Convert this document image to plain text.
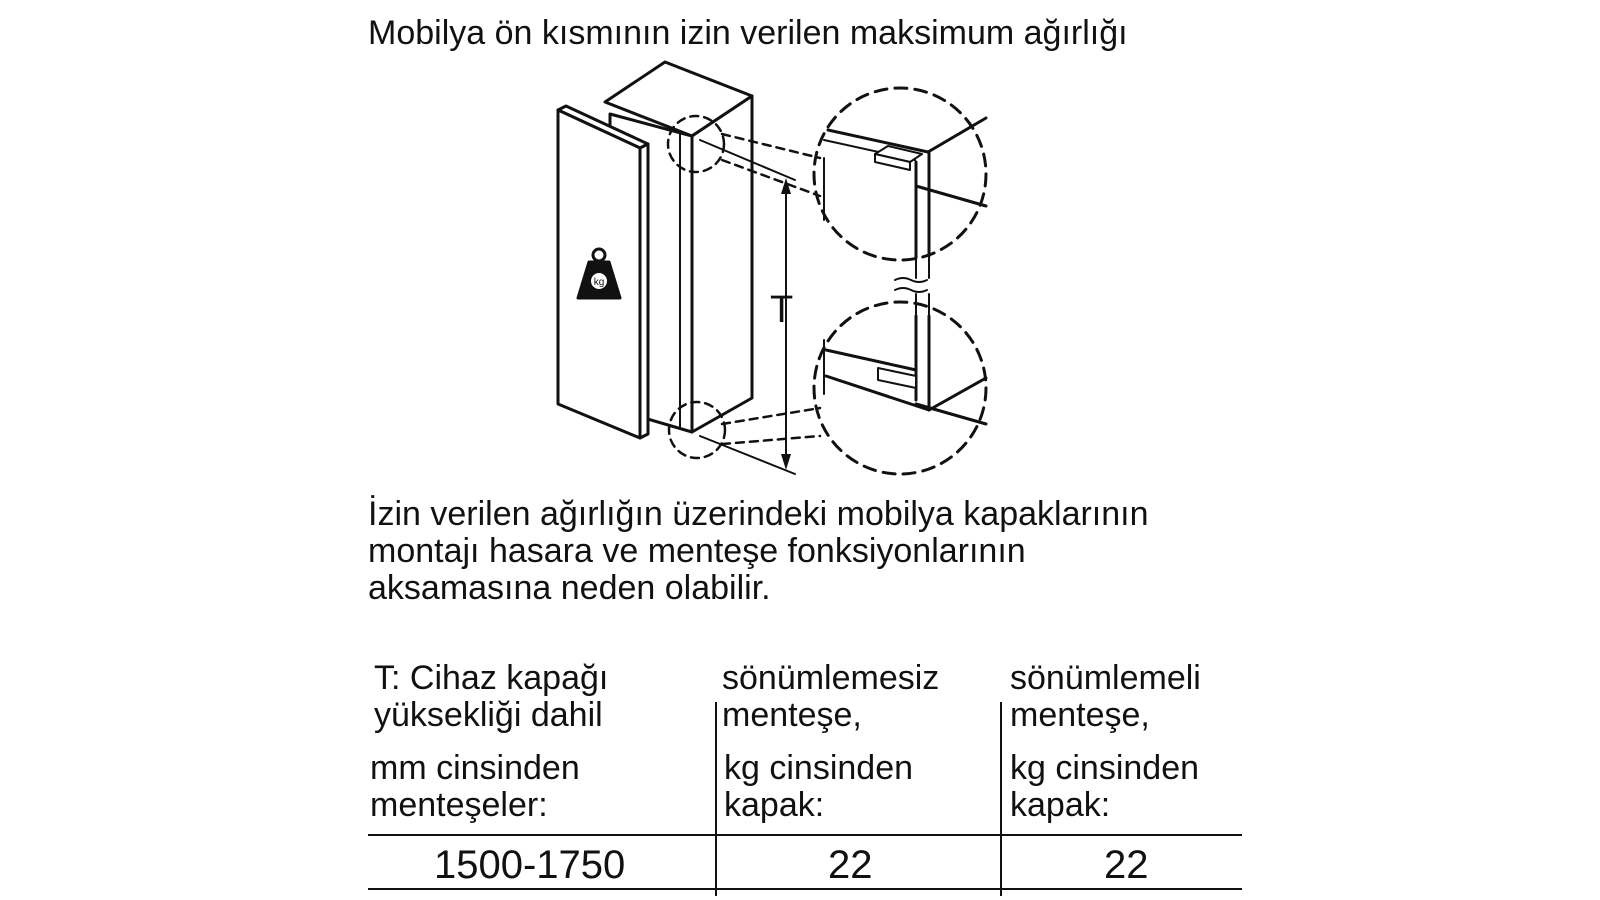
Mobilya ön kısmının izin verilen maksimum ağırlığı
kg
T
İzin verilen ağırlığın üzerindeki mobilya kapaklarının
montajı hasara ve menteşe fonksiyonlarının
aksamasına neden olabilir.
T: Cihaz kapağı
yüksekliği dahil
mm cinsinden
menteşeler:
sönümlemesiz
menteşe,
kg cinsinden
kapak:
sönümlemeli
menteşe,
kg cinsinden
kapak:
1500-1750	22	22
